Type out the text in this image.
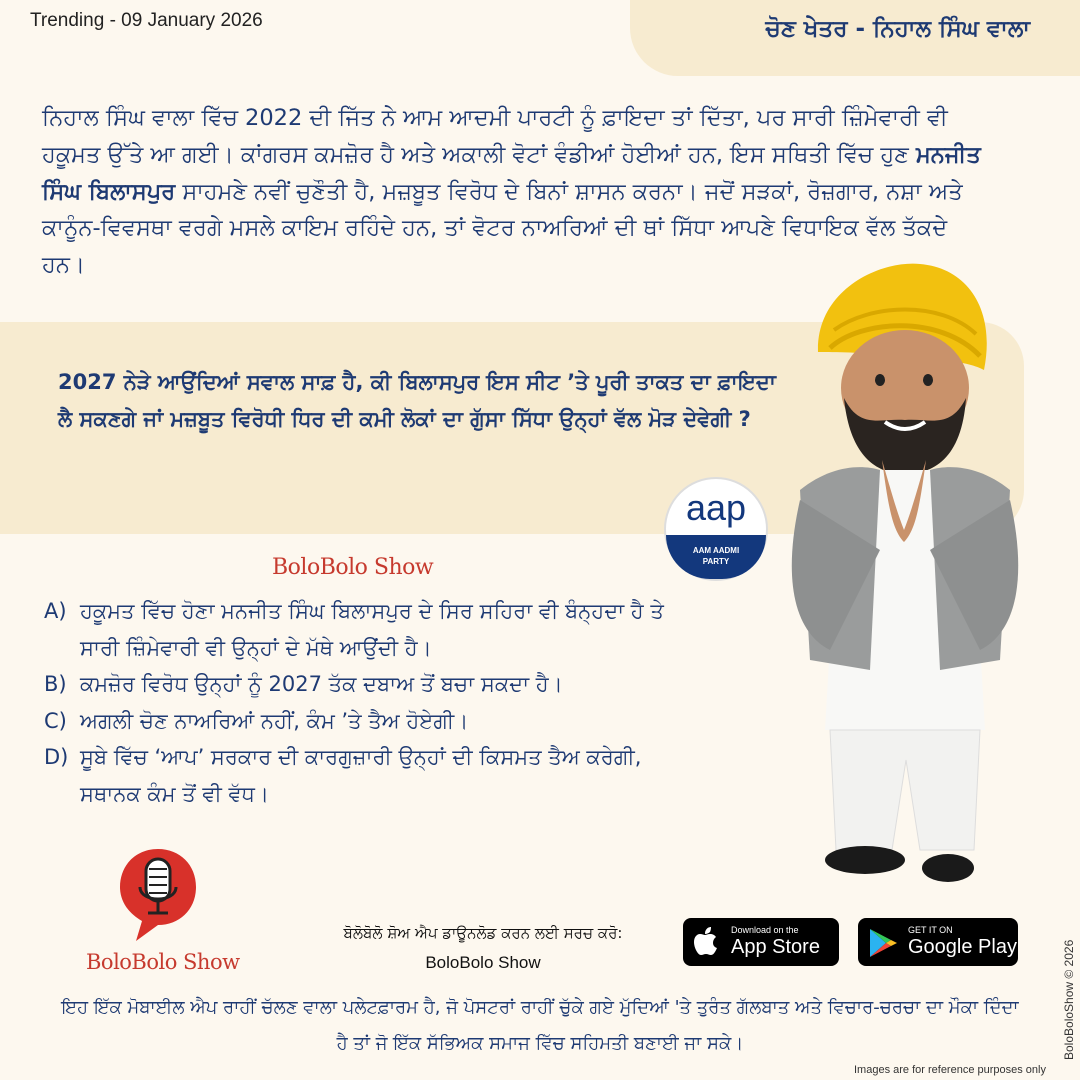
Trending - 09 January 2026	ਚੋਣ ਖੇਤਰ - ਨਿਹਾਲ ਸਿੰਘ ਵਾਲਾ

ਨਿਹਾਲ ਸਿੰਘ ਵਾਲਾ ਵਿੱਚ 2022 ਦੀ ਜਿੱਤ ਨੇ ਆਮ ਆਦਮੀ ਪਾਰਟੀ ਨੂੰ ਫ਼ਾਇਦਾ ਤਾਂ ਦਿੱਤਾ, ਪਰ ਸਾਰੀ ਜ਼ਿੰਮੇਵਾਰੀ ਵੀ ਹਕੂਮਤ ਉੱਤੇ ਆ ਗਈ। ਕਾਂਗਰਸ ਕਮਜ਼ੋਰ ਹੈ ਅਤੇ ਅਕਾਲੀ ਵੋਟਾਂ ਵੰਡੀਆਂ ਹੋਈਆਂ ਹਨ, ਇਸ ਸਥਿਤੀ ਵਿੱਚ ਹੁਣ ਮਨਜੀਤ ਸਿੰਘ ਬਿਲਾਸਪੁਰ ਸਾਹਮਣੇ ਨਵੀਂ ਚੁਣੌਤੀ ਹੈ, ਮਜ਼ਬੂਤ ਵਿਰੋਧ ਦੇ ਬਿਨਾਂ ਸ਼ਾਸਨ ਕਰਨਾ। ਜਦੋਂ ਸੜਕਾਂ, ਰੋਜ਼ਗਾਰ, ਨਸ਼ਾ ਅਤੇ ਕਾਨੂੰਨ-ਵਿਵਸਥਾ ਵਰਗੇ ਮਸਲੇ ਕਾਇਮ ਰਹਿੰਦੇ ਹਨ, ਤਾਂ ਵੋਟਰ ਨਾਅਰਿਆਂ ਦੀ ਥਾਂ ਸਿੱਧਾ ਆਪਣੇ ਵਿਧਾਇਕ ਵੱਲ ਤੱਕਦੇ ਹਨ।

2027 ਨੇੜੇ ਆਉਂਦਿਆਂ ਸਵਾਲ ਸਾਫ਼ ਹੈ, ਕੀ ਬਿਲਾਸਪੁਰ ਇਸ ਸੀਟ ’ਤੇ ਪੂਰੀ ਤਾਕਤ ਦਾ ਫ਼ਾਇਦਾ ਲੈ ਸਕਣਗੇ ਜਾਂ ਮਜ਼ਬੂਤ ਵਿਰੋਧੀ ਧਿਰ ਦੀ ਕਮੀ ਲੋਕਾਂ ਦਾ ਗੁੱਸਾ ਸਿੱਧਾ ਉਨ੍ਹਾਂ ਵੱਲ ਮੋੜ ਦੇਵੇਗੀ ?

BoloBolo Show
A) ਹਕੂਮਤ ਵਿੱਚ ਹੋਣਾ ਮਨਜੀਤ ਸਿੰਘ ਬਿਲਾਸਪੁਰ ਦੇ ਸਿਰ ਸਹਿਰਾ ਵੀ ਬੰਨ੍ਹਦਾ ਹੈ ਤੇ ਸਾਰੀ ਜ਼ਿੰਮੇਵਾਰੀ ਵੀ ਉਨ੍ਹਾਂ ਦੇ ਮੱਥੇ ਆਉਂਦੀ ਹੈ।
B) ਕਮਜ਼ੋਰ ਵਿਰੋਧ ਉਨ੍ਹਾਂ ਨੂੰ 2027 ਤੱਕ ਦਬਾਅ ਤੋਂ ਬਚਾ ਸਕਦਾ ਹੈ।
C) ਅਗਲੀ ਚੋਣ ਨਾਅਰਿਆਂ ਨਹੀਂ, ਕੰਮ ’ਤੇ ਤੈਅ ਹੋਏਗੀ।
D) ਸੂਬੇ ਵਿੱਚ ‘ਆਪ’ ਸਰਕਾਰ ਦੀ ਕਾਰਗੁਜ਼ਾਰੀ ਉਨ੍ਹਾਂ ਦੀ ਕਿਸਮਤ ਤੈਅ ਕਰੇਗੀ, ਸਥਾਨਕ ਕੰਮ ਤੋਂ ਵੀ ਵੱਧ।
aap
AAM AADMI
PARTY
BoloBolo Show
ਬੋਲੋਬੋਲੋ ਸ਼ੋਅ ਐਪ ਡਾਊਨਲੋਡ ਕਰਨ ਲਈ ਸਰਚ ਕਰੋ:
BoloBolo Show
Download on the
App Store
GET IT ON
Google Play

ਇਹ ਇੱਕ ਮੋਬਾਈਲ ਐਪ ਰਾਹੀਂ ਚੱਲਣ ਵਾਲਾ ਪਲੇਟਫ਼ਾਰਮ ਹੈ, ਜੋ ਪੋਸਟਰਾਂ ਰਾਹੀਂ ਚੁੱਕੇ ਗਏ ਮੁੱਦਿਆਂ 'ਤੇ ਤੁਰੰਤ ਗੱਲਬਾਤ ਅਤੇ ਵਿਚਾਰ-ਚਰਚਾ ਦਾ ਮੌਕਾ ਦਿੰਦਾ ਹੈ ਤਾਂ ਜੋ ਇੱਕ ਸੱਭਿਅਕ ਸਮਾਜ ਵਿੱਚ ਸਹਿਮਤੀ ਬਣਾਈ ਜਾ ਸਕੇ।	BoloBoloShow © 2026
Images are for reference purposes only
